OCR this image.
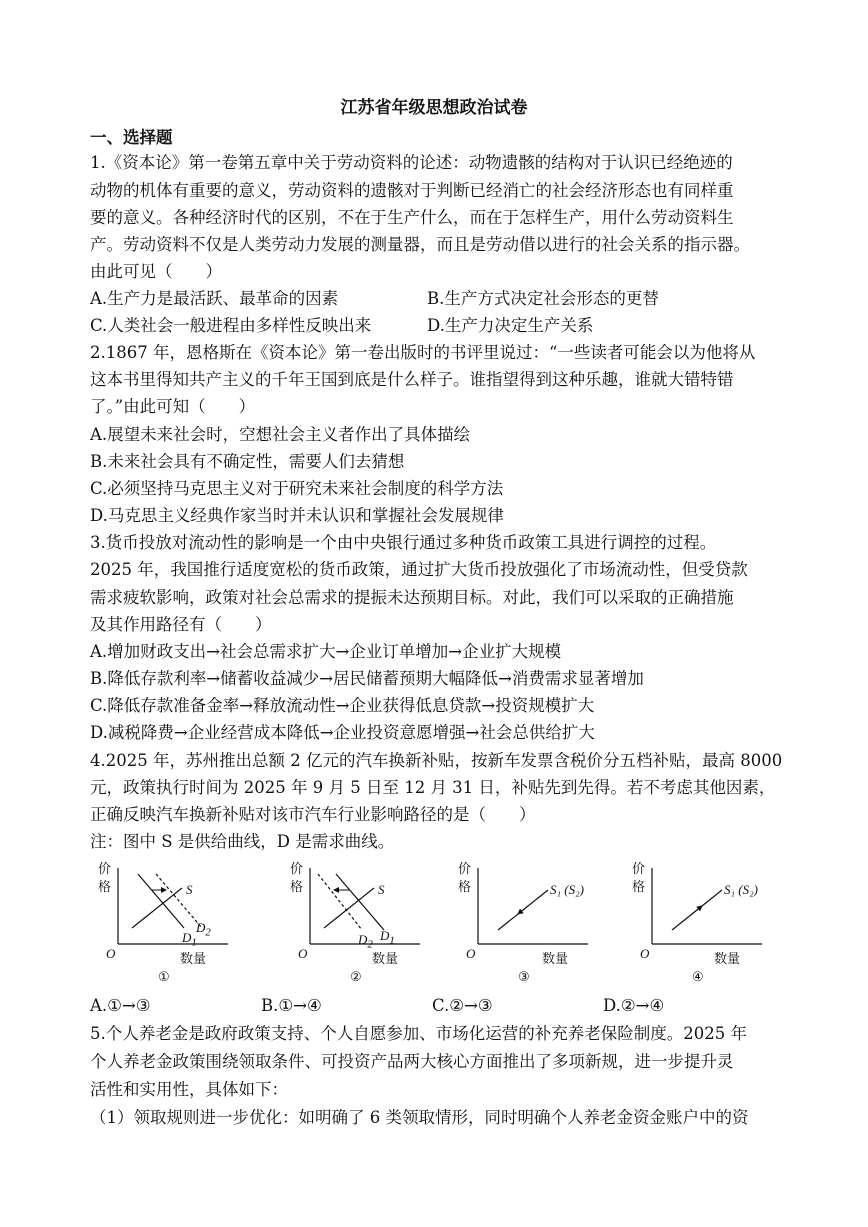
江苏省年级思想政治试卷
一、选择题
1.《资本论》第一卷第五章中关于劳动资料的论述：动物遗骸的结构对于认识已经绝迹的
动物的机体有重要的意义，劳动资料的遗骸对于判断已经消亡的社会经济形态也有同样重
要的意义。各种经济时代的区别，不在于生产什么，而在于怎样生产，用什么劳动资料生
产。劳动资料不仅是人类劳动力发展的测量器，而且是劳动借以进行的社会关系的指示器。
由此可见（　　）
A.生产力是最活跃、最革命的因素	B.生产方式决定社会形态的更替
C.人类社会一般进程由多样性反映出来	D.生产力决定生产关系
2.1867 年，恩格斯在《资本论》第一卷出版时的书评里说过：“一些读者可能会以为他将从
这本书里得知共产主义的千年王国到底是什么样子。谁指望得到这种乐趣，谁就大错特错
了。”由此可知（　　）
A.展望未来社会时，空想社会主义者作出了具体描绘
B.未来社会具有不确定性，需要人们去猜想
C.必须坚持马克思主义对于研究未来社会制度的科学方法
D.马克思主义经典作家当时并未认识和掌握社会发展规律
3.货币投放对流动性的影响是一个由中央银行通过多种货币政策工具进行调控的过程。
2025 年，我国推行适度宽松的货币政策，通过扩大货币投放强化了市场流动性，但受贷款
需求疲软影响，政策对社会总需求的提振未达预期目标。对此，我们可以采取的正确措施
及其作用路径有（　　）
A.增加财政支出→社会总需求扩大→企业订单增加→企业扩大规模
B.降低存款利率→储蓄收益减少→居民储蓄预期大幅降低→消费需求显著增加
C.降低存款准备金率→释放流动性→企业获得低息贷款→投资规模扩大
D.减税降费→企业经营成本降低→企业投资意愿增强→社会总供给扩大
4.2025 年，苏州推出总额 2 亿元的汽车换新补贴，按新车发票含税价分五档补贴，最高 8000
元，政策执行时间为 2025 年 9 月 5 日至 12 月 31 日，补贴先到先得。若不考虑其他因素，
正确反映汽车换新补贴对该市汽车行业影响路径的是（　　）
注：图中 S 是供给曲线，D 是需求曲线。
价
格
O	数量
S
$D_1$
$D_2$
①
价
格
O	数量
S
$D_1$
$D_2$
②
价
格
O	数量
S₁ (S₂)
③
价
格
O	数量
S₁ (S₂)
④
A.①→③	B.①→④	C.②→③	D.②→④
5.个人养老金是政府政策支持、个人自愿参加、市场化运营的补充养老保险制度。2025 年
个人养老金政策围绕领取条件、可投资产品两大核心方面推出了多项新规，进一步提升灵
活性和实用性，具体如下：
（1）领取规则进一步优化：如明确了 6 类领取情形，同时明确个人养老金资金账户中的资
